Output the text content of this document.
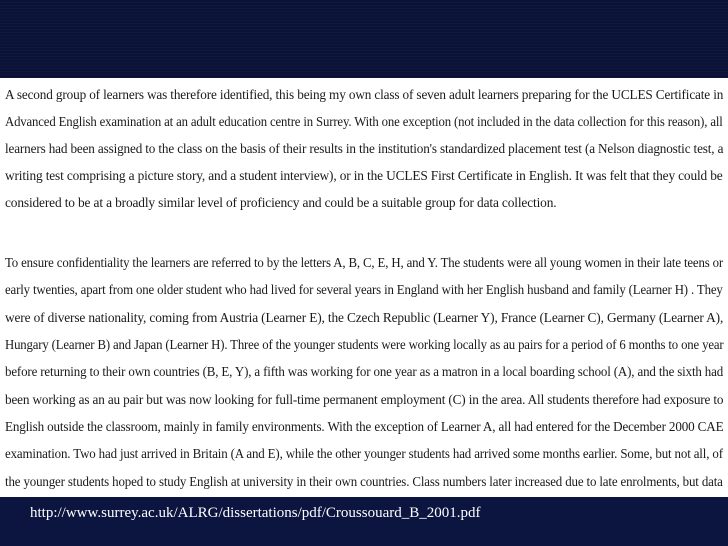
A second group of learners was therefore identified, this being my own class of seven adult learners preparing for the UCLES Certificate in

Advanced English examination at an adult education centre in Surrey. With one exception (not included in the data collection for this reason), all

learners had been assigned to the class on the basis of their results in the institution's standardized placement test (a Nelson diagnostic test, a

writing test comprising a picture story, and a student interview), or in the UCLES First Certificate in English. It was felt that they could be

considered to be at a broadly similar level of proficiency and could be a suitable group for data collection.

To ensure confidentiality the learners are referred to by the letters A, B, C, E, H, and Y. The students were all young women in their late teens or

early twenties, apart from one older student who had lived for several years in England with her English husband and family (Learner H) . They

were of diverse nationality, coming from Austria (Learner E), the Czech Republic (Learner Y), France (Learner C), Germany (Learner A),

Hungary (Learner B) and Japan (Learner H). Three of the younger students were working locally as au pairs for a period of 6 months to one year

before returning to their own countries (B, E, Y), a fifth was working for one year as a matron in a local boarding school (A), and the sixth had

been working as an au pair but was now looking for full-time permanent employment (C) in the area. All students therefore had exposure to

English outside the classroom, mainly in family environments. With the exception of Learner A, all had entered for the December 2000 CAE

examination. Two had just arrived in Britain (A and E), while the other younger students had arrived some months earlier. Some, but not all, of

the younger students hoped to study English at university in their own countries. Class numbers later increased due to late enrolments, but data

http://www.surrey.ac.uk/ALRG/dissertations/pdf/Croussouard_B_2001.pdf
